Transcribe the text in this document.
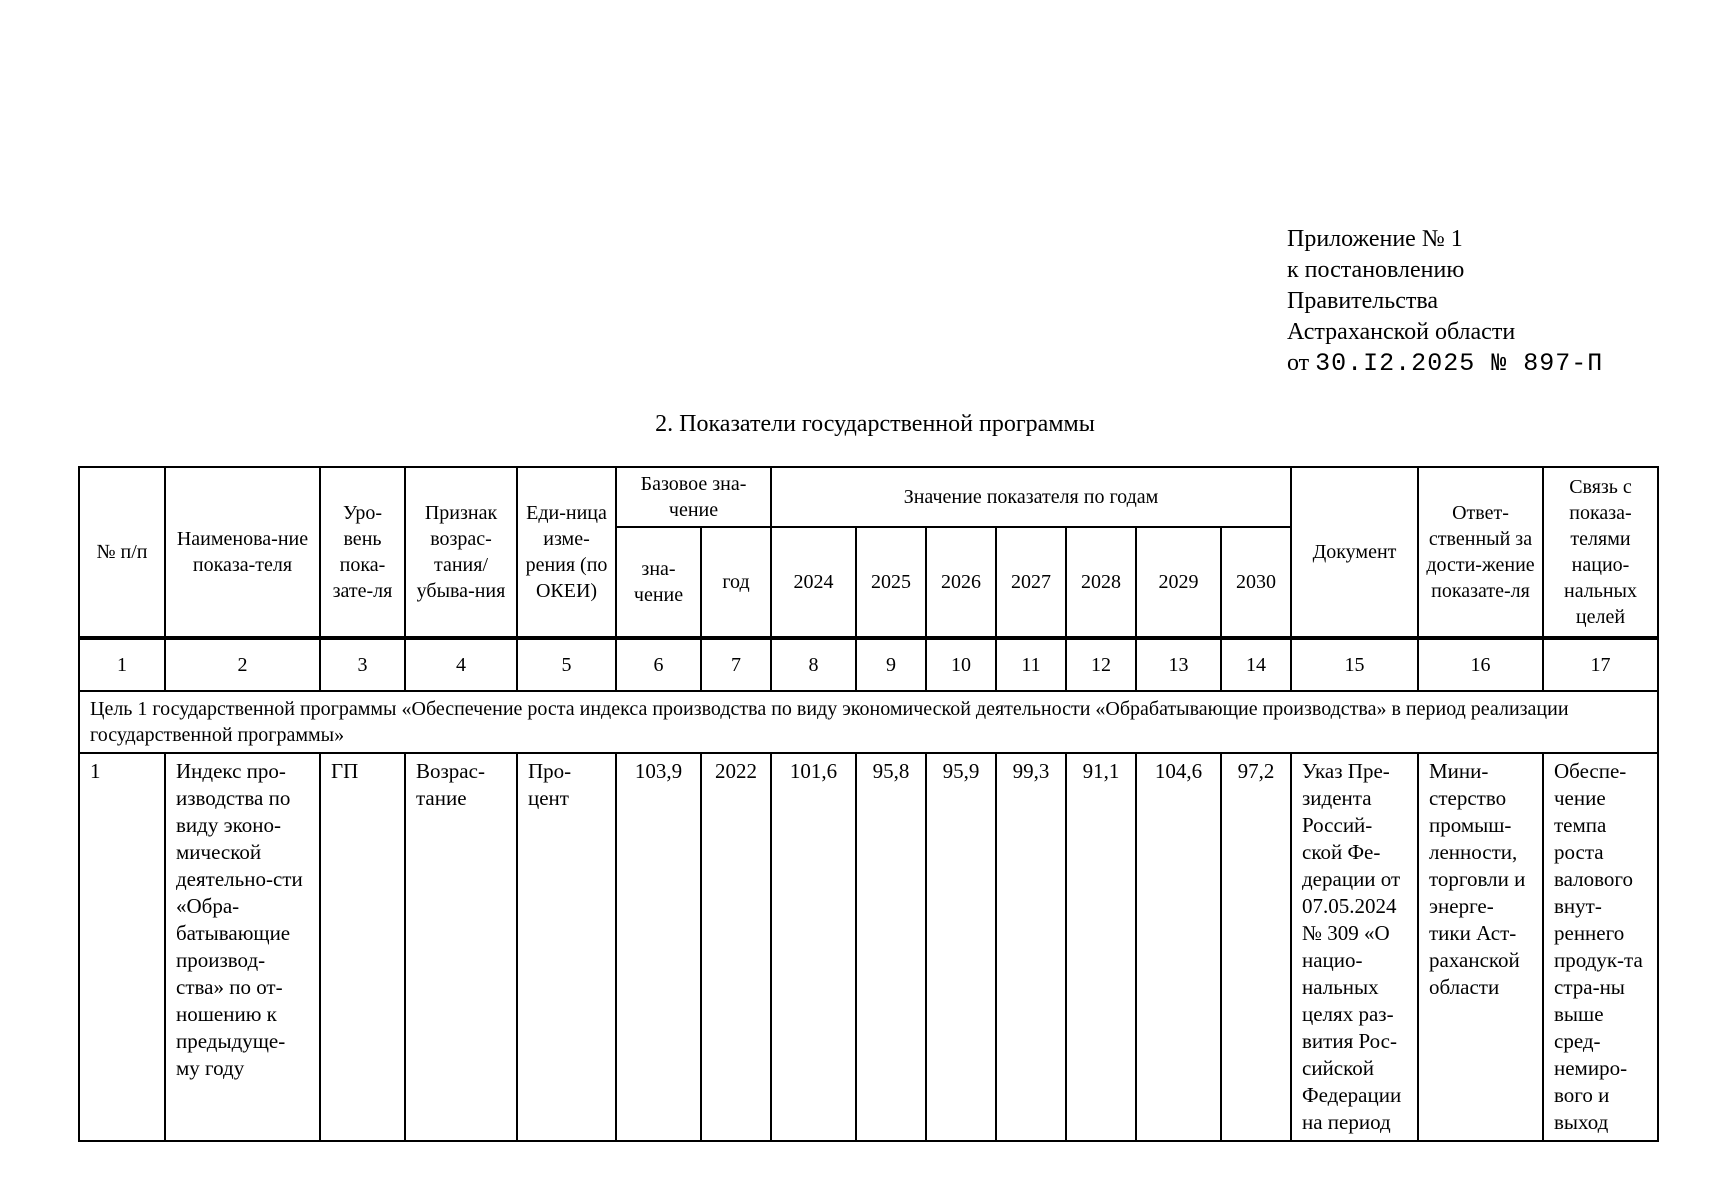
Приложение № 1
к постановлению
Правительства
Астраханской области
от 30.I2.2025 № 897-П
2. Показатели государственной программы
№ п/п	Наименова-ние показа-теля	Уро-вень пока-зате-ля	Признак возрас-тания/ убыва-ния	Еди-ница изме-рения (по ОКЕИ)	Базовое зна-чение		Значение показателя по годам							Документ	Ответ-ственный за дости-жение показате-ля	Связь с показа-телями нацио-нальных целей
					зна-чение	год	2024	2025	2026	2027	2028	2029	2030			
1	2	3	4	5	6	7	8	9	10	11	12	13	14	15	16	17
Цель 1 государственной программы «Обеспечение роста индекса производства по виду экономической деятельности «Обрабатывающие производства» в период реализации государственной программы»																
1	Индекс про-изводства по виду эконо-мической деятельно-сти «Обра-батывающие производ-ства» по от-ношению к предыдуще-му году	ГП	Возрас-тание	Про-цент	103,9	2022	101,6	95,8	95,9	99,3	91,1	104,6	97,2	Указ Пре-зидента Россий-ской Фе-дерации от 07.05.2024 № 309 «О нацио-нальных целях раз-вития Рос-сийской Федерации на период	Мини-стерство промыш-ленности, торговли и энерге-тики Аст-раханской области	Обеспе-чение темпа роста валового внут-реннего продук-та стра-ны выше сред-немиро-вого и выход
